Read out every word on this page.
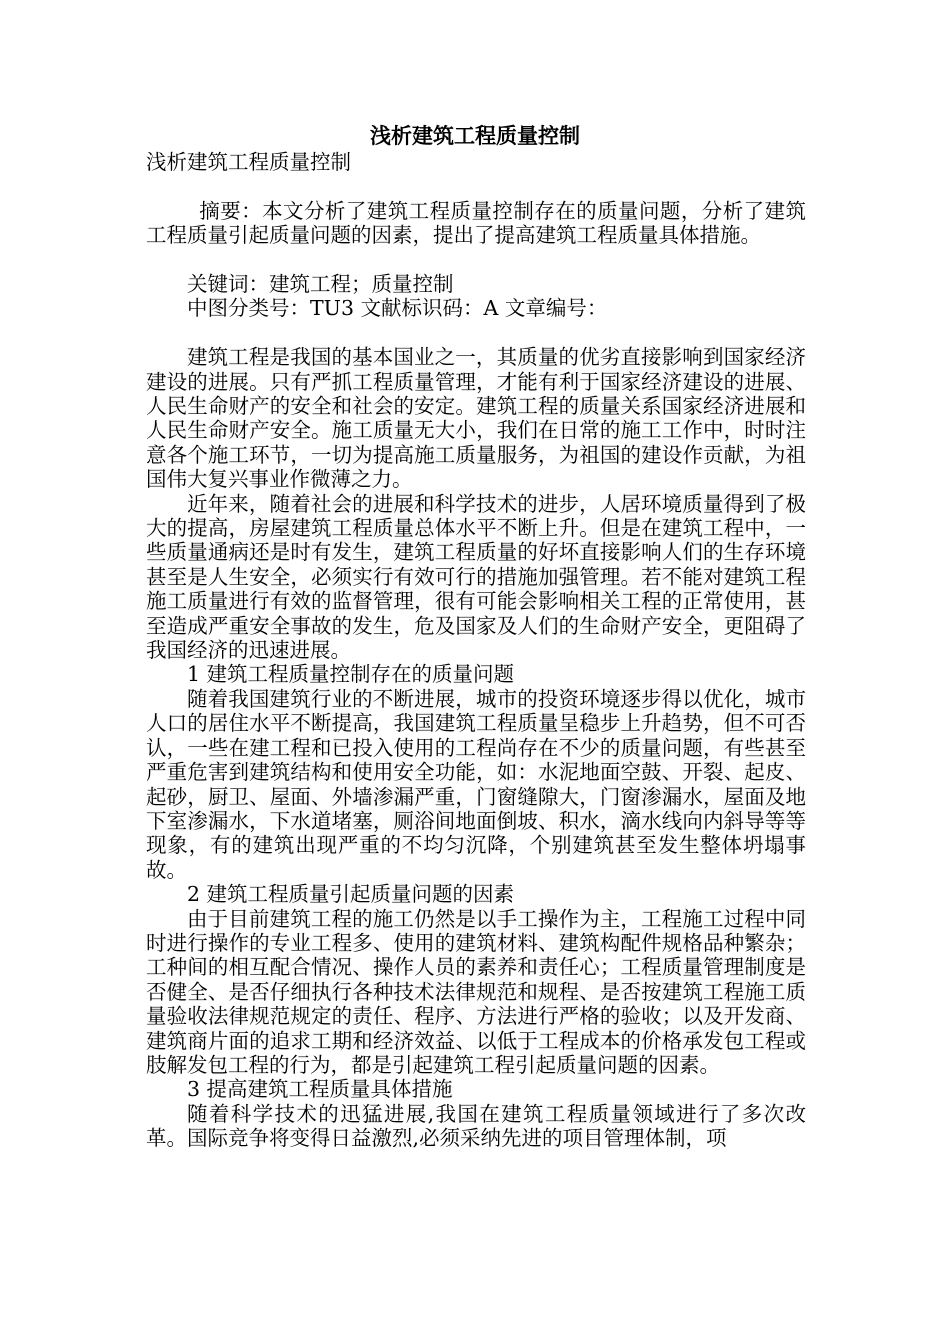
浅析建筑工程质量控制

浅析建筑工程质量控制

摘要：本文分析了建筑工程质量控制存在的质量问题，分析了建筑工程质量引起质量问题的因素，提出了提高建筑工程质量具体措施。

关键词：建筑工程；质量控制

中图分类号：TU3 文献标识码：A 文章编号：

建筑工程是我国的基本国业之一，其质量的优劣直接影响到国家经济建设的进展。只有严抓工程质量管理，才能有利于国家经济建设的进展、人民生命财产的安全和社会的安定。建筑工程的质量关系国家经济进展和人民生命财产安全。施工质量无大小，我们在日常的施工工作中，时时注意各个施工环节，一切为提高施工质量服务，为祖国的建设作贡献，为祖国伟大复兴事业作微薄之力。

近年来，随着社会的进展和科学技术的进步，人居环境质量得到了极大的提高，房屋建筑工程质量总体水平不断上升。但是在建筑工程中，一些质量通病还是时有发生，建筑工程质量的好坏直接影响人们的生存环境甚至是人生安全，必须实行有效可行的措施加强管理。若不能对建筑工程施工质量进行有效的监督管理，很有可能会影响相关工程的正常使用，甚至造成严重安全事故的发生，危及国家及人们的生命财产安全，更阻碍了我国经济的迅速进展。

1 建筑工程质量控制存在的质量问题

随着我国建筑行业的不断进展，城市的投资环境逐步得以优化，城市人口的居住水平不断提高，我国建筑工程质量呈稳步上升趋势，但不可否认，一些在建工程和已投入使用的工程尚存在不少的质量问题，有些甚至严重危害到建筑结构和使用安全功能，如：水泥地面空鼓、开裂、起皮、起砂，厨卫、屋面、外墙渗漏严重，门窗缝隙大，门窗渗漏水，屋面及地下室渗漏水，下水道堵塞，厕浴间地面倒坡、积水，滴水线向内斜导等等现象，有的建筑出现严重的不均匀沉降，个别建筑甚至发生整体坍塌事故。

2 建筑工程质量引起质量问题的因素

由于目前建筑工程的施工仍然是以手工操作为主，工程施工过程中同时进行操作的专业工程多、使用的建筑材料、建筑构配件规格品种繁杂；工种间的相互配合情况、操作人员的素养和责任心；工程质量管理制度是否健全、是否仔细执行各种技术法律规范和规程、是否按建筑工程施工质量验收法律规范规定的责任、程序、方法进行严格的验收；以及开发商、建筑商片面的追求工期和经济效益、以低于工程成本的价格承发包工程或肢解发包工程的行为，都是引起建筑工程引起质量问题的因素。

3 提高建筑工程质量具体措施

随着科学技术的迅猛进展,我国在建筑工程质量领域进行了多次改革。国际竞争将变得日益激烈,必须采纳先进的项目管理体制，项
